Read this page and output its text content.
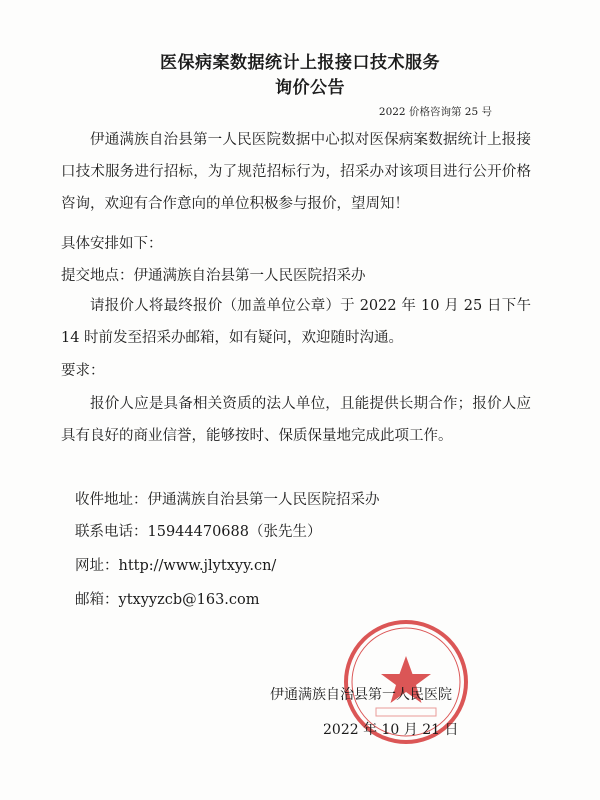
医保病案数据统计上报接口技术服务
询价公告
2022 价格咨询第 25 号
伊通满族自治县第一人民医院数据中心拟对医保病案数据统计上报接口技术服务进行招标，为了规范招标行为，招采办对该项目进行公开价格咨询，欢迎有合作意向的单位积极参与报价，望周知！
具体安排如下：
提交地点：伊通满族自治县第一人民医院招采办
请报价人将最终报价（加盖单位公章）于 2022 年 10 月 25 日下午 14 时前发至招采办邮箱，如有疑问，欢迎随时沟通。
要求：
报价人应是具备相关资质的法人单位，且能提供长期合作；报价人应具有良好的商业信誉，能够按时、保质保量地完成此项工作。
收件地址：伊通满族自治县第一人民医院招采办
联系电话：15944470688（张先生）
网址：http://www.jlytxyy.cn/
邮箱：ytxyyzcb@163.com
伊通满族自治县第一人民医院
2022 年 10 月 21 日
